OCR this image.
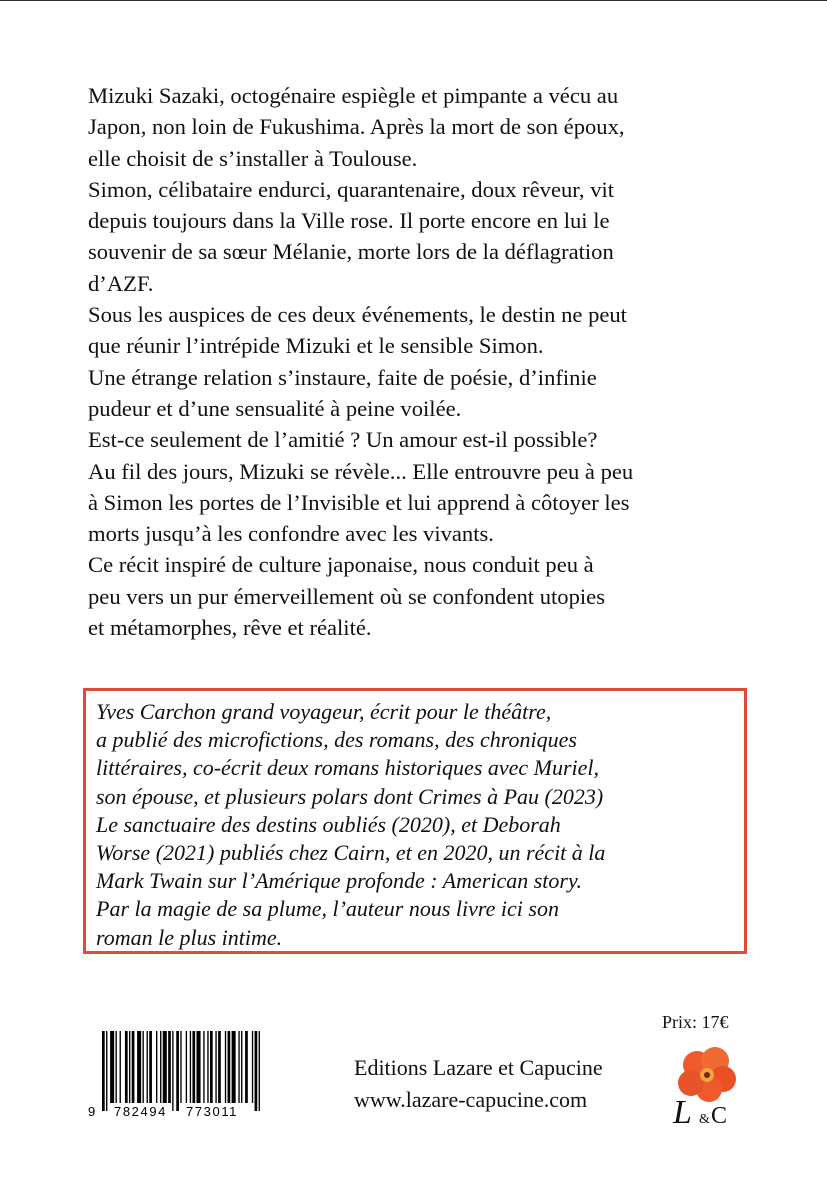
Mizuki Sazaki, octogénaire espiègle et pimpante a vécu au

Japon, non loin de Fukushima. Après la mort de son époux,

elle choisit de s’installer à Toulouse.

Simon, célibataire endurci, quarantenaire, doux rêveur, vit

depuis toujours dans la Ville rose. Il porte encore en lui le

souvenir de sa sœur Mélanie, morte lors de la déflagration

d’AZF.

Sous les auspices de ces deux événements, le destin ne peut

que réunir l’intrépide Mizuki et le sensible Simon.

Une étrange relation s’instaure, faite de poésie, d’infinie

pudeur et d’une sensualité à peine voilée.

Est-ce seulement de l’amitié ? Un amour est-il possible?

Au fil des jours, Mizuki se révèle... Elle entrouvre peu à peu

à Simon les portes de l’Invisible et lui apprend à côtoyer les

morts jusqu’à les confondre avec les vivants.

Ce récit inspiré de culture japonaise, nous conduit peu à

peu vers un pur émerveillement où se confondent utopies

et métamorphes, rêve et réalité.

Yves Carchon grand voyageur, écrit pour le théâtre,

a publié des microfictions, des romans, des chroniques

littéraires, co-écrit deux romans historiques avec Muriel,

son épouse, et plusieurs polars dont Crimes à Pau (2023)

Le sanctuaire des destins oubliés (2020), et Deborah

Worse (2021) publiés chez Cairn, et en 2020, un récit à la

Mark Twain sur l’Amérique profonde : American story.

Par la magie de sa plume, l’auteur nous livre ici son

roman le plus intime.

Prix: 17€
9 782494 773011
Editions Lazare et Capucine
www.lazare-capucine.com	L & C
